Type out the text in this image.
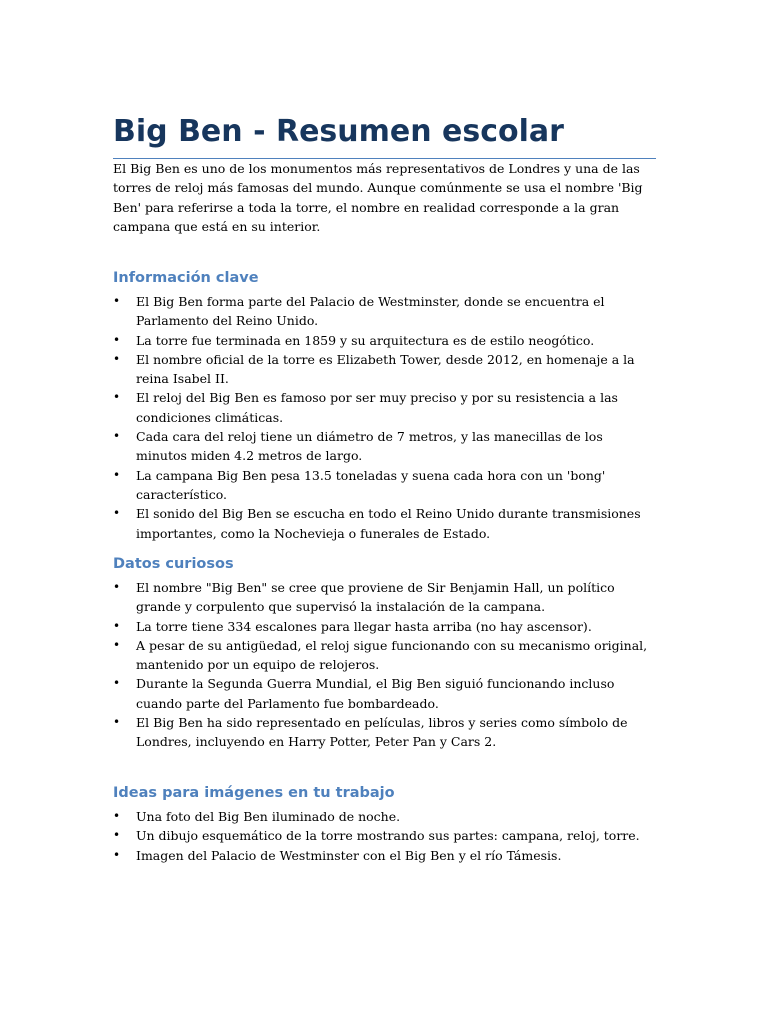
Big Ben - Resumen escolar

El Big Ben es uno de los monumentos más representativos de Londres y una de las torres de reloj más famosas del mundo. Aunque comúnmente se usa el nombre 'Big Ben' para referirse a toda la torre, el nombre en realidad corresponde a la gran campana que está en su interior.

Información clave
• El Big Ben forma parte del Palacio de Westminster, donde se encuentra el Parlamento del Reino Unido.
• La torre fue terminada en 1859 y su arquitectura es de estilo neogótico.
• El nombre oficial de la torre es Elizabeth Tower, desde 2012, en homenaje a la reina Isabel II.
• El reloj del Big Ben es famoso por ser muy preciso y por su resistencia a las condiciones climáticas.
• Cada cara del reloj tiene un diámetro de 7 metros, y las manecillas de los minutos miden 4.2 metros de largo.
• La campana Big Ben pesa 13.5 toneladas y suena cada hora con un 'bong' característico.
• El sonido del Big Ben se escucha en todo el Reino Unido durante transmisiones importantes, como la Nochevieja o funerales de Estado.
Datos curiosos
• El nombre "Big Ben" se cree que proviene de Sir Benjamin Hall, un político grande y corpulento que supervisó la instalación de la campana.
• La torre tiene 334 escalones para llegar hasta arriba (no hay ascensor).
• A pesar de su antigüedad, el reloj sigue funcionando con su mecanismo original, mantenido por un equipo de relojeros.
• Durante la Segunda Guerra Mundial, el Big Ben siguió funcionando incluso cuando parte del Parlamento fue bombardeado.
• El Big Ben ha sido representado en películas, libros y series como símbolo de Londres, incluyendo en Harry Potter, Peter Pan y Cars 2.
Ideas para imágenes en tu trabajo
• Una foto del Big Ben iluminado de noche.
• Un dibujo esquemático de la torre mostrando sus partes: campana, reloj, torre.
• Imagen del Palacio de Westminster con el Big Ben y el río Támesis.
